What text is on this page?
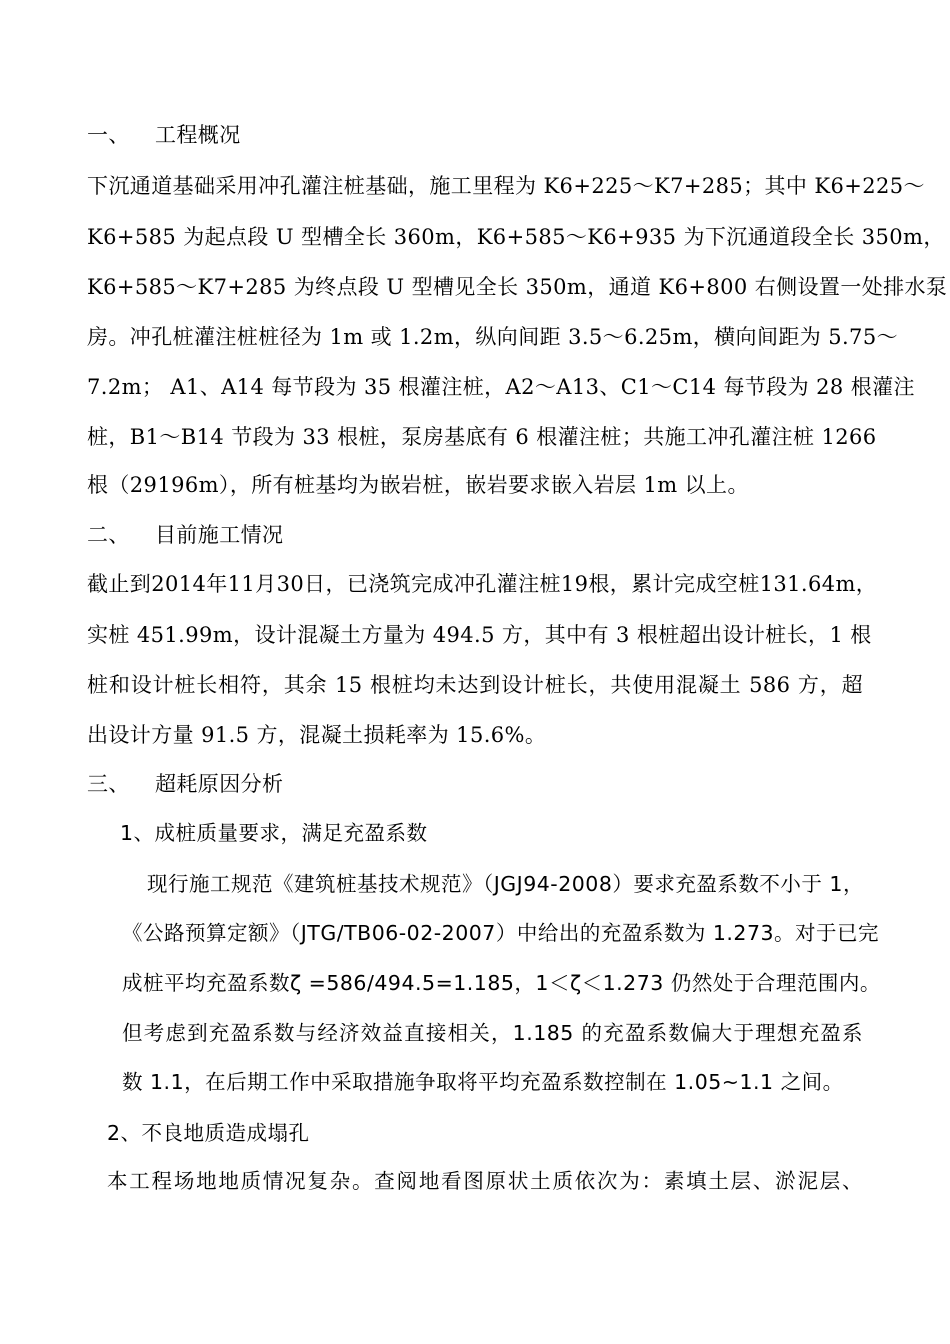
一、	工程概况

下沉通道基础采用冲孔灌注桩基础，施工里程为 K6+225～K7+285；其中 K6+225～

K6+585 为起点段 U 型槽全长 360m，K6+585～K6+935 为下沉通道段全长 350m，

K6+585～K7+285 为终点段 U 型槽见全长 350m，通道 K6+800 右侧设置一处排水泵

房。冲孔桩灌注桩桩径为 1m 或 1.2m，纵向间距 3.5～6.25m，横向间距为 5.75～

7.2m； A1、A14 每节段为 35 根灌注桩，A2～A13、C1～C14 每节段为 28 根灌注

桩，B1～B14 节段为 33 根桩，泵房基底有 6 根灌注桩；共施工冲孔灌注桩 1266

根（29196m），所有桩基均为嵌岩桩，嵌岩要求嵌入岩层 1m 以上。

二、	目前施工情况

截止到2014年11月30日，已浇筑完成冲孔灌注桩19根，累计完成空桩131.64m，

实桩 451.99m，设计混凝土方量为 494.5 方，其中有 3 根桩超出设计桩长，1 根

桩和设计桩长相符，其余 15 根桩均未达到设计桩长，共使用混凝土 586 方，超

出设计方量 91.5 方，混凝土损耗率为 15.6%。

三、	超耗原因分析

1、成桩质量要求，满足充盈系数

现行施工规范《建筑桩基技术规范》（JGJ94-2008）要求充盈系数不小于 1，

《公路预算定额》（JTG/TB06-02-2007）中给出的充盈系数为 1.273。对于已完

成桩平均充盈系数ζ =586/494.5=1.185，1＜ζ＜1.273 仍然处于合理范围内。

但考虑到充盈系数与经济效益直接相关，1.185 的充盈系数偏大于理想充盈系

数 1.1，在后期工作中采取措施争取将平均充盈系数控制在 1.05~1.1 之间。

2、不良地质造成塌孔

本工程场地地质情况复杂。查阅地看图原状土质依次为：素填土层、淤泥层、
